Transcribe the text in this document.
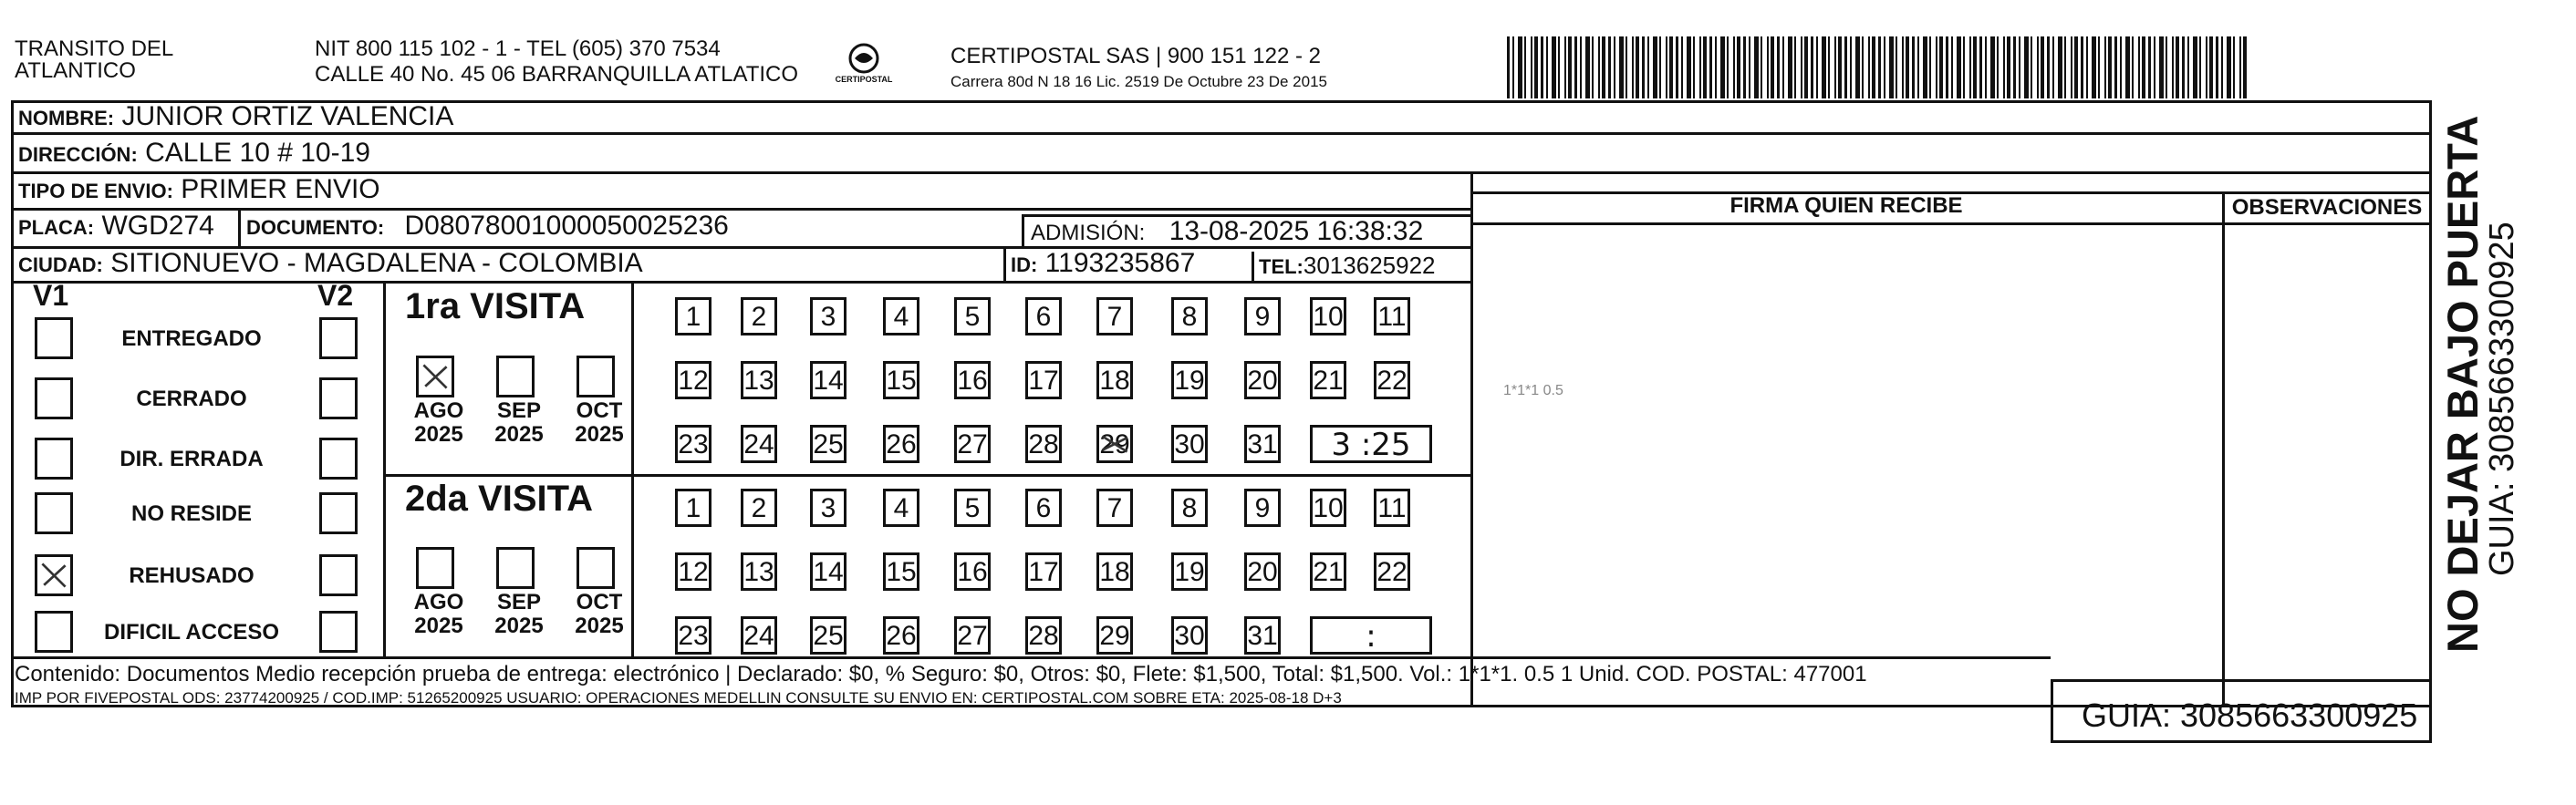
TRANSITO DEL
ATLANTICO
NIT 800 115 102 - 1 - TEL (605) 370 7534
CALLE 40 No. 45 06 BARRANQUILLA ATLATICO	CERTIPOSTAL
CERTIPOSTAL SAS | 900 151 122 - 2
Carrera 80d N 18 16 Lic. 2519 De Octubre 23 De 2015
NOMBRE: JUNIOR ORTIZ VALENCIA
DIRECCIÓN: CALLE 10 # 10-19
TIPO DE ENVIO: PRIMER ENVIO
PLACA: WGD274 DOCUMENTO: D08078001000050025236	ADMISIÓN: 13-08-2025 16:38:32
CIUDAD: SITIONUEVO - MAGDALENA - COLOMBIA	ID: 1193235867	TEL:3013625922
FIRMA QUIEN RECIBE	OBSERVACIONES
1*1*1 0.5
V1	V2
ENTREGADO
CERRADO
DIR. ERRADA
NO RESIDE
REHUSADO
DIFICIL ACCESO
1ra VISITA
2da VISITA
AGO
2025
SEP
2025
OCT
2025
AGO
2025
SEP
2025
OCT
2025
1	2	3	4	5	6	7	8	9	10 11
12 13 14 15 16 17 18 19 20 21 22
23 24 25 26 27 28 29 30 31	3 :25
1	2	3	4	5	6	7	8	9	10 11
12 13 14 15 16 17 18 19 20 21 22
23 24 25 26 27 28 29 30 31	:
Contenido: Documentos Medio recepción prueba de entrega: electrónico | Declarado: $0, % Seguro: $0, Otros: $0, Flete: $1,500, Total: $1,500. Vol.: 1*1*1. 0.5 1 Unid. COD. POSTAL: 477001
IMP POR FIVEPOSTAL ODS: 23774200925 / COD.IMP: 51265200925 USUARIO: OPERACIONES MEDELLIN CONSULTE SU ENVIO EN: CERTIPOSTAL.COM SOBRE ETA: 2025-08-18 D+3	GUIA: 3085663300925
NO DEJAR BAJO PUERTA
GUIA: 3085663300925
